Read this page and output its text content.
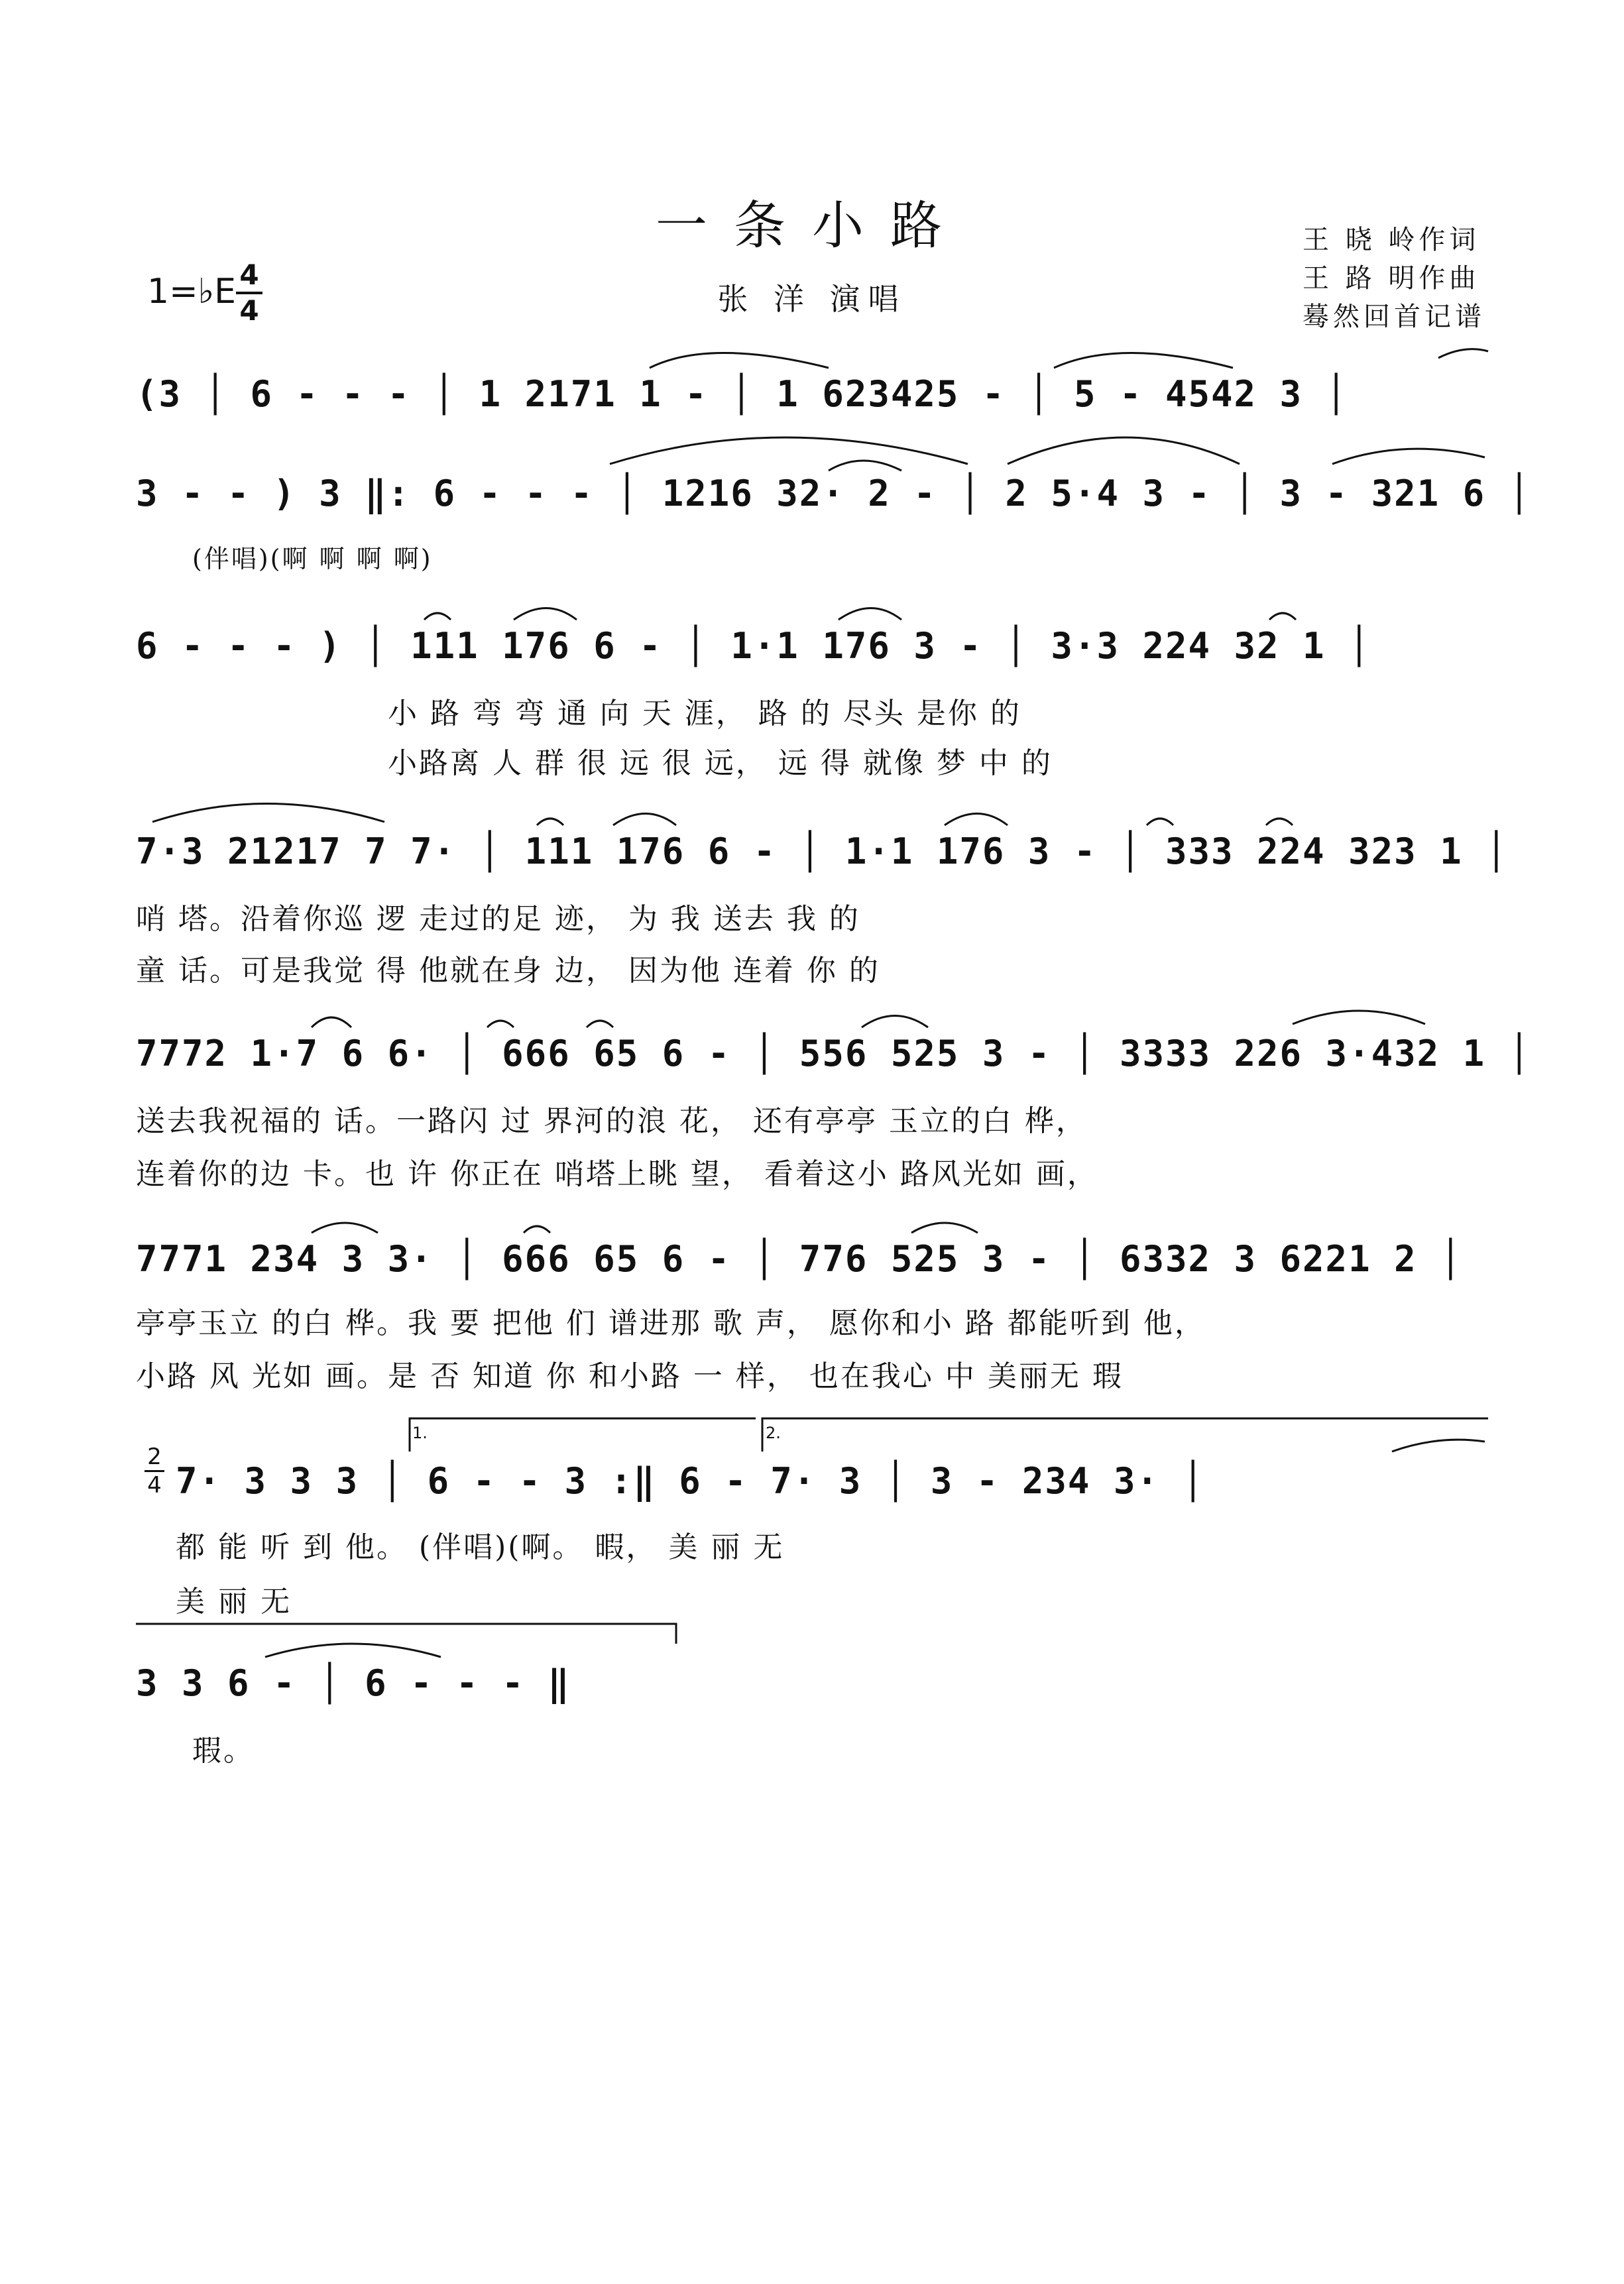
一条小路
张 洋 演唱
王 晓 岭作词
王 路 明作曲
蓦然回首记谱
1=♭E 4
4
(3 │ 6 - - - │ 1 2171 1 - │ 1 623425 - │ 5 - 4542 3 │
3 - - ) 3 ‖: 6 - - - │ 1216 32· 2 - │ 2 5·4 3 - │ 3 - 321 6 │
(伴唱)(啊 啊 啊 啊)
6 - - - ) │ 111 176 6 - │ 1·1 176 3 - │ 3·3 224 32 1 │
小 路 弯 弯 通 向 天 涯， 路 的 尽头 是你 的
小路离 人 群 很 远 很 远， 远 得 就像 梦 中 的
7·3 21217 7 7· │ 111 176 6 - │ 1·1 176 3 - │ 333 224 323 1 │
哨 塔。沿着你巡 逻 走过的足 迹， 为 我 送去 我 的
童 话。可是我觉 得 他就在身 边， 因为他 连着 你 的
7772 1·7 6 6· │ 666 65 6 - │ 556 525 3 - │ 3333 226 3·432 1 │
送去我祝福的 话。一路闪 过 界河的浪 花， 还有亭亭 玉立的白 桦，
连着你的边 卡。也 许 你正在 哨塔上眺 望， 看着这小 路风光如 画，
7771 234 3 3· │ 666 65 6 - │ 776 525 3 - │ 6332 3 6221 2 │
亭亭玉立 的白 桦。我 要 把他 们 谱进那 歌 声， 愿你和小 路 都能听到 他，
小路 风 光如 画。是 否 知道 你 和小路 一 样， 也在我心 中 美丽无 瑕
2
4
1.	2.
7· 3 3 3 │ 6 - - 3 :‖ 6 - 7· 3 │ 3 - 234 3· │
都 能 听 到 他。 (伴唱)(啊。 暇， 美 丽 无
美 丽 无
3 3 6 - │ 6 - - - ‖
瑕。
